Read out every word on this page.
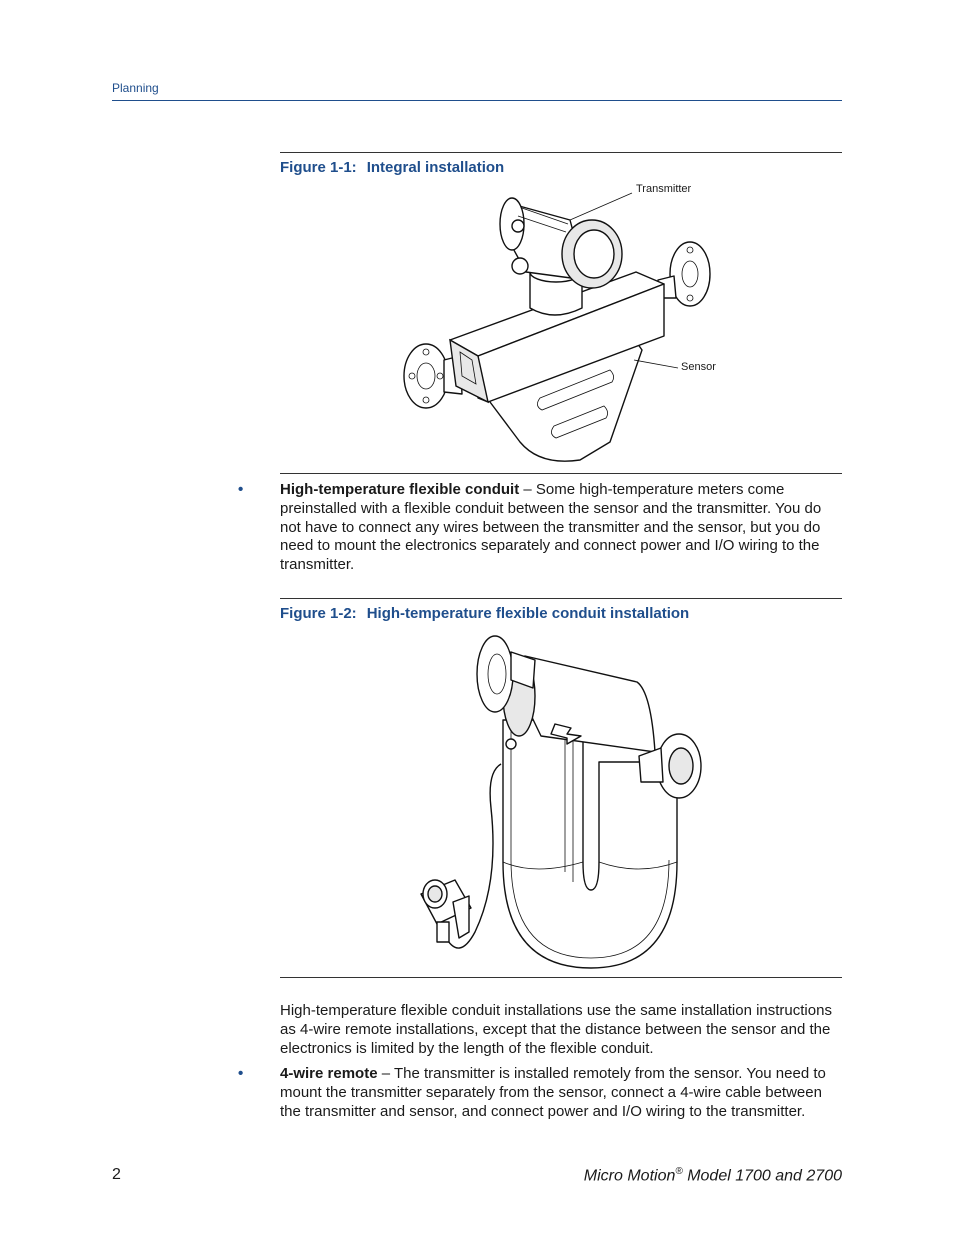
Planning
Figure 1-1: Integral installation
Transmitter
Sensor
• High-temperature flexible conduit – Some high-temperature meters come preinstalled with a flexible conduit between the sensor and the transmitter. You do not have to connect any wires between the transmitter and the sensor, but you do need to mount the electronics separately and connect power and I/O wiring to the transmitter.
Figure 1-2: High-temperature flexible conduit installation
High-temperature flexible conduit installations use the same installation instructions as 4-wire remote installations, except that the distance between the sensor and the electronics is limited by the length of the flexible conduit.
• 4-wire remote – The transmitter is installed remotely from the sensor. You need to mount the transmitter separately from the sensor, connect a 4-wire cable between the transmitter and sensor, and connect power and I/O wiring to the transmitter.
2	Micro Motion® Model 1700 and 2700
